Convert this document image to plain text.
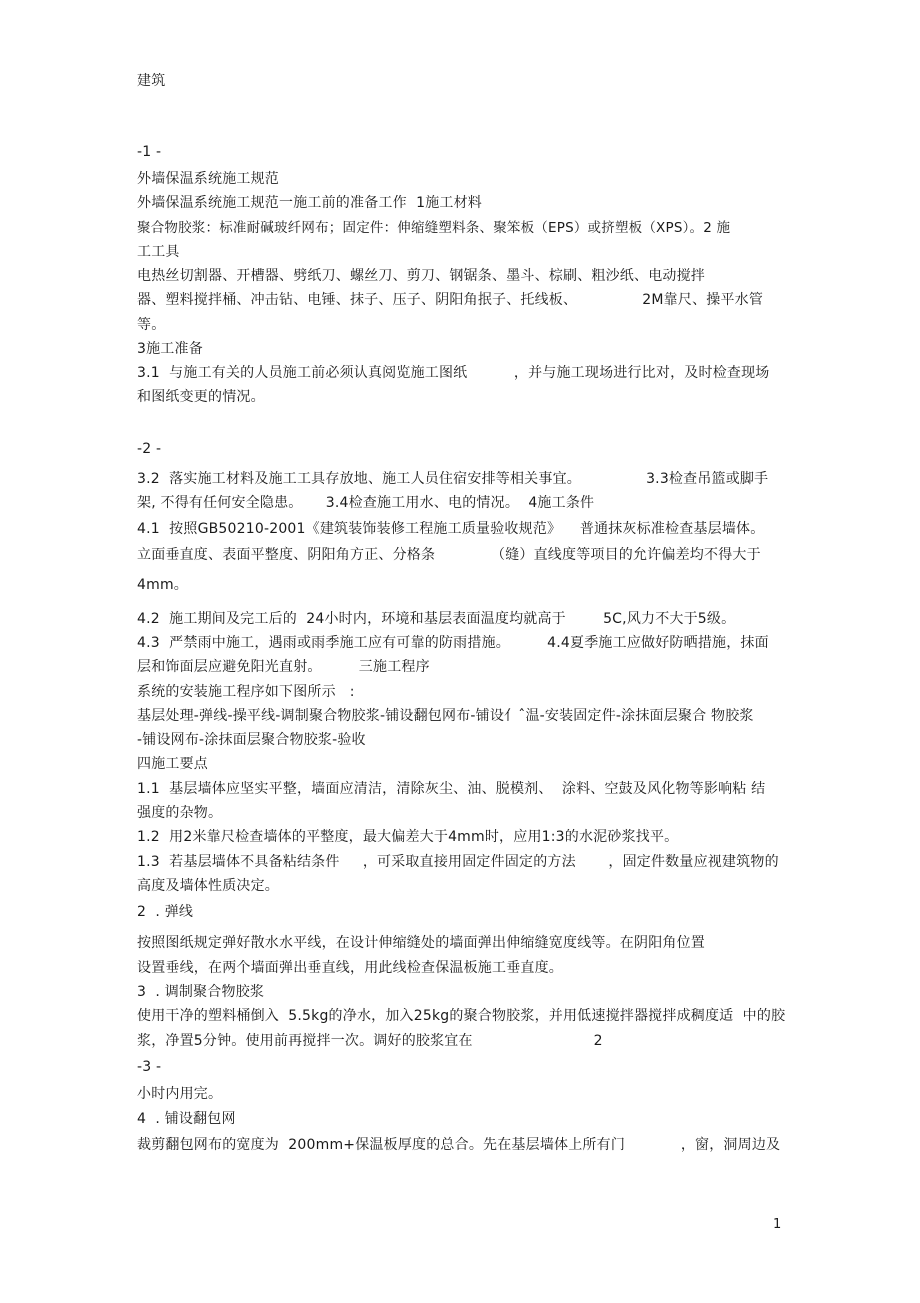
建筑
-1 -
外墙保温系统施工规范
外墙保温系统施工规范一施工前的准备工作  1施工材料
聚合物胶浆：标准耐碱玻纤网布；固定件：伸缩缝塑料条、聚笨板（EPS）或挤塑板（XPS）。2 施
工工具
电热丝切割器、开槽器、劈纸刀、螺丝刀、剪刀、钢锯条、墨斗、棕刷、粗沙纸、电动搅拌
器、塑料搅拌桶、冲击钻、电锤、抹子、压子、阴阳角抿子、托线板、              2M靠尺、操平水管
等。
3施工准备
3.1  与施工有关的人员施工前必须认真阅览施工图纸          ，并与施工现场进行比对，及时检查现场
和图纸变更的情况。
-2 -
3.2  落实施工材料及施工工具存放地、施工人员住宿安排等相关事宜。              3.3检查吊篮或脚手
架, 不得有任何安全隐患。     3.4检查施工用水、电的情况。  4施工条件
4.1  按照GB50210-2001《建筑装饰装修工程施工质量验收规范》    普通抹灰标准检查基层墙体。
立面垂直度、表面平整度、阴阳角方正、分格条            （缝）直线度等项目的允许偏差均不得大于
4mm。
4.2  施工期间及完工后的  24小时内，环境和基层表面温度均就高于        5C,风力不大于5级。
4.3  严禁雨中施工，遇雨或雨季施工应有可靠的防雨措施。        4.4夏季施工应做好防晒措施，抹面
层和饰面层应避免阳光直射。        三施工程序
系统的安装施工程序如下图所示   :
基层处理-弹线-操平线-调制聚合物胶浆-铺设翻包网布-铺设亻ˆ温-安装固定件-涂抹面层聚合 物胶浆
-铺设网布-涂抹面层聚合物胶浆-验收
四施工要点
1.1  基层墙体应坚实平整，墙面应清洁，清除灰尘、油、脱模剂、  涂料、空鼓及风化物等影响粘 结
强度的杂物。
1.2  用2米靠尺检查墙体的平整度，最大偏差大于4mm时，应用1:3的水泥砂浆找平。
1.3  若基层墙体不具备粘结条件     ，可采取直接用固定件固定的方法       ，固定件数量应视建筑物的
高度及墙体性质决定。
2  . 弹线
按照图纸规定弹好散水水平线，在设计伸缩缝处的墙面弹出伸缩缝宽度线等。在阴阳角位置
设置垂线，在两个墙面弹出垂直线，用此线检查保温板施工垂直度。
3  . 调制聚合物胶浆
使用干净的塑料桶倒入  5.5kg的净水，加入25kg的聚合物胶浆，并用低速搅拌器搅拌成稠度适  中的胶
浆，净置5分钟。使用前再搅拌一次。调好的胶浆宜在                          2
-3 -
小时内用完。
4  . 铺设翻包网
裁剪翻包网布的宽度为  200mm+保温板厚度的总合。先在基层墙体上所有门            ，窗，洞周边及
1
